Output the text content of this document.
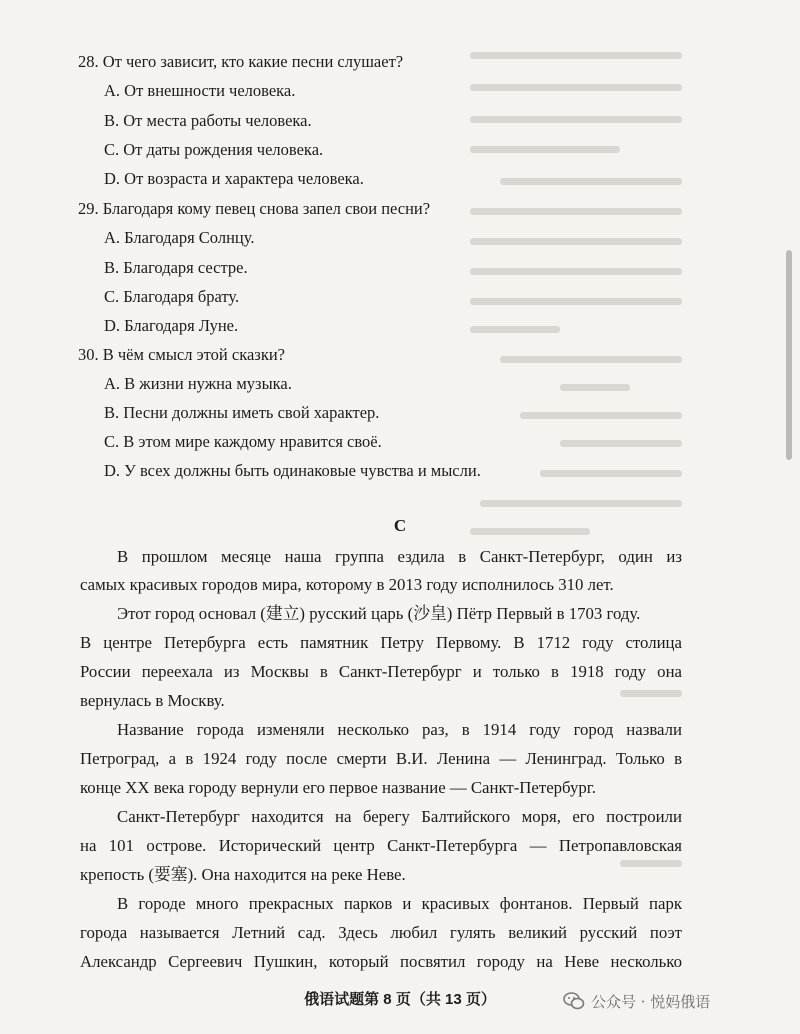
28. От чего зависит, кто какие песни слушает?
A. От внешности человека.
B. От места работы человека.
C. От даты рождения человека.
D. От возраста и характера человека.
29. Благодаря кому певец снова запел свои песни?
A. Благодаря Солнцу.
B. Благодаря сестре.
C. Благодаря брату.
D. Благодаря Луне.
30. В чём смысл этой сказки?
A. В жизни нужна музыка.
B. Песни должны иметь свой характер.
C. В этом мире каждому нравится своё.
D. У всех должны быть одинаковые чувства и мысли.
C
В прошлом месяце наша группа ездила в Санкт-Петербург, один из
самых красивых городов мира, которому в 2013 году исполнилось 310 лет.
Этот город основал (建立) русский царь (沙皇) Пётр Первый в 1703 году.
В центре Петербурга есть памятник Петру Первому. В 1712 году столица
России переехала из Москвы в Санкт-Петербург и только в 1918 году она
вернулась в Москву.
Название города изменяли несколько раз, в 1914 году город назвали
Петроград, а в 1924 году после смерти В.И. Ленина — Ленинград. Только в
конце XX века городу вернули его первое название — Санкт-Петербург.
Санкт-Петербург находится на берегу Балтийского моря, его построили
на 101 острове. Исторический центр Санкт-Петербурга — Петропавловская
крепость (要塞). Она находится на реке Неве.
В городе много прекрасных парков и красивых фонтанов. Первый парк
города называется Летний сад. Здесь любил гулять великий русский поэт
Александр Сергеевич Пушкин, который посвятил городу на Неве несколько
俄语试题第 8 页（共 13 页）	公众号 · 悦妈俄语
